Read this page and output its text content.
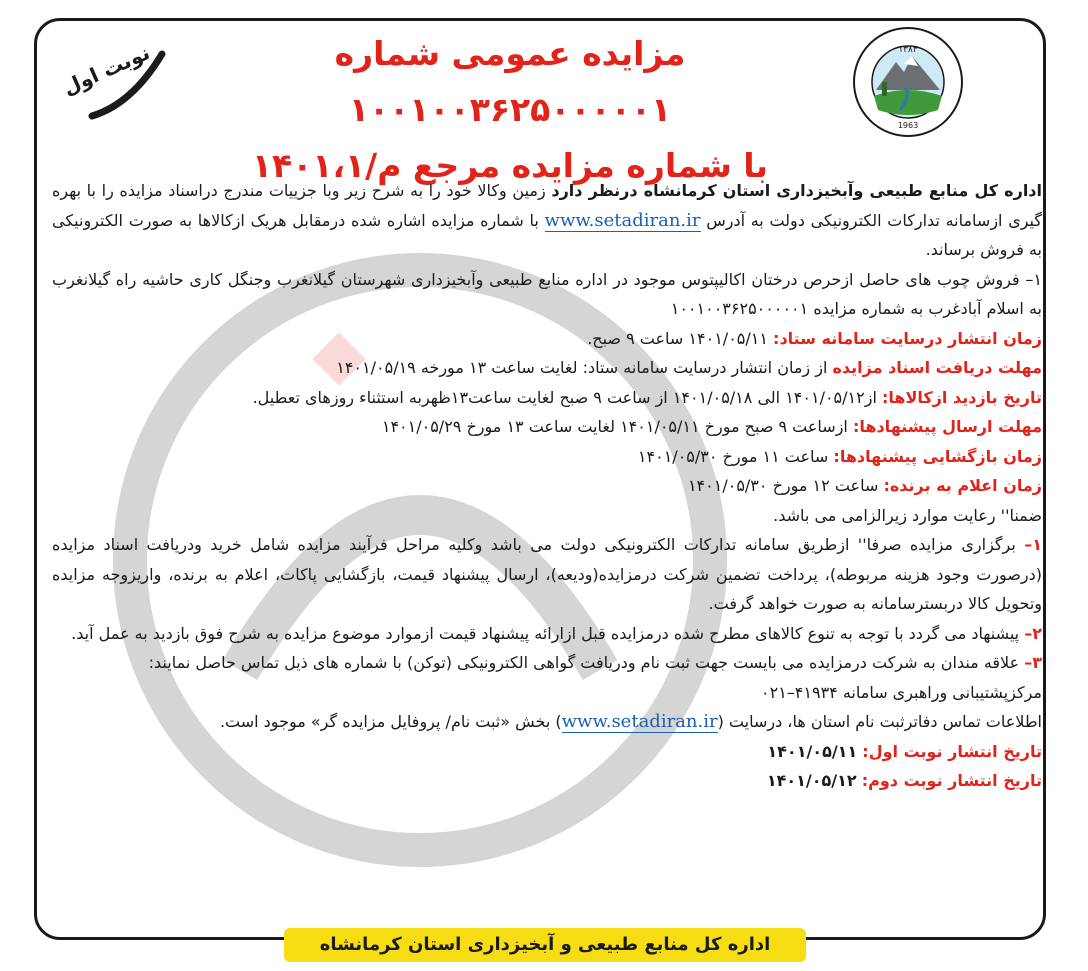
۱۳۸۴
1963
مزایده عمومی شماره ۱۰۰۱۰۰۳۶۲۵۰۰۰۰۰۱
با شماره مزایده مرجع م/۱۴۰۱،۱
نوبت اول

اداره کل منابع طبیعی وآبخیزداری استان کرمانشاه درنظر دارد زمین وکالا خود را به شرح زیر وبا جزییات مندرج دراسناد مزایده را با بهره گیری ازسامانه تدارکات الکترونیکی دولت به آدرس www.setadiran.ir با شماره مزایده اشاره شده درمقابل هریک ازکالاها به صورت الکترونیکی به فروش برساند.

۱– فروش چوب های حاصل ازحرص درختان اکالیپتوس موجود در اداره منابع طبیعی وآبخیزداری شهرستان گیلانغرب وجنگل کاری حاشیه راه گیلانغرب به اسلام آبادغرب به شماره مزایده ۱۰۰۱۰۰۳۶۲۵۰۰۰۰۰۱

زمان انتشار درسایت سامانه ستاد: ۱۴۰۱/۰۵/۱۱ ساعت ۹ صبح.

مهلت دریافت اسناد مزایده از زمان انتشار درسایت سامانه ستاد: لغایت ساعت ۱۳ مورخه ۱۴۰۱/۰۵/۱۹

تاریخ بازدید ازکالاها: از۱۴۰۱/۰۵/۱۲ الی ۱۴۰۱/۰۵/۱۸ از ساعت ۹ صبح لغایت ساعت۱۳ظهربه استثناء روزهای تعطیل.

مهلت ارسال پیشنهادها: ازساعت ۹ صبح مورخ ۱۴۰۱/۰۵/۱۱ لغایت ساعت ۱۳ مورخ ۱۴۰۱/۰۵/۲۹

زمان بازگشایی پیشنهادها: ساعت ۱۱ مورخ ۱۴۰۱/۰۵/۳۰

زمان اعلام به برنده: ساعت ۱۲ مورخ ۱۴۰۱/۰۵/۳۰

ضمنا'' رعایت موارد زیرالزامی می باشد.

۱– برگزاری مزایده صرفا'' ازطریق سامانه تدارکات الکترونیکی دولت می باشد وکلیه مراحل فرآیند مزایده شامل خرید ودریافت اسناد مزایده (درصورت وجود هزینه مربوطه)، پرداخت تضمین شرکت درمزایده(ودیعه)، ارسال پیشنهاد قیمت، بازگشایی پاکات، اعلام به برنده، واریزوجه مزایده وتحویل کالا دربسترسامانه به صورت خواهد گرفت.

۲– پیشنهاد می گردد با توجه به تنوع کالاهای مطرح شده درمزایده قبل ازارائه پیشنهاد قیمت ازموارد موضوع مزایده به شرح فوق بازدید به عمل آید.

۳– علاقه مندان به شرکت درمزایده می بایست جهت ثبت نام ودریافت گواهی الکترونیکی (توکن) با شماره های ذیل تماس حاصل نمایند:

مرکزپشتیبانی وراهبری سامانه ۴۱۹۳۴–۰۲۱

اطلاعات تماس دفاترثبت نام استان ها، درسایت (www.setadiran.ir) بخش «ثبت نام/ پروفایل مزایده گر» موجود است.

تاریخ انتشار نوبت اول: ۱۴۰۱/۰۵/۱۱

تاریخ انتشار نوبت دوم: ۱۴۰۱/۰۵/۱۲

اداره کل منابع طبیعی و آبخیزداری استان کرمانشاه
